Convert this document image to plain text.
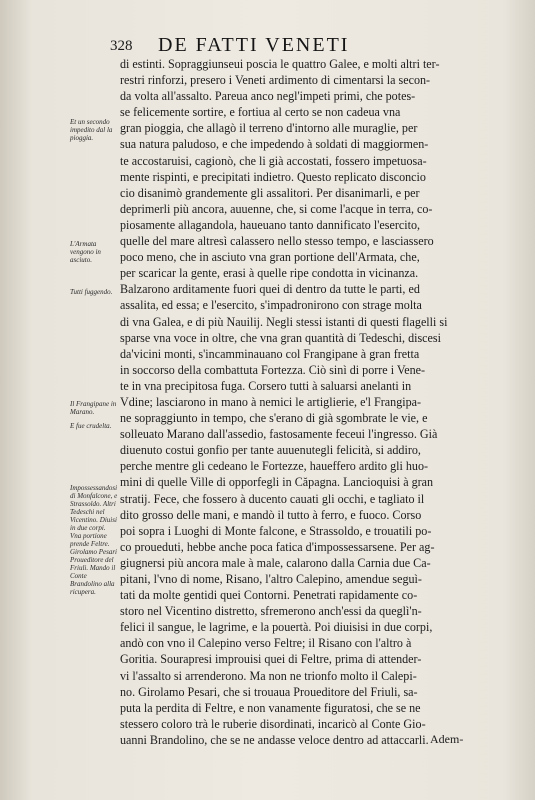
328 DE FATTI VENETI
Et un secondo impedito dal la pioggia.
L'Armata vengono in asciuto.
Tutti fuggendo.
Il Frangipane in Marano.
E fue crudelta.
Impossessandosi di Monfalcone, e Strassoldo. Altri Tedeschi nel Vicentino. Diuisi in due corpi. Vna portione prende Feltre. Girolamo Pesari Proueditore del Friuli. Mando il Conte Brandolino alla ricupera.
di estinti. Sopraggiunseui poscia le quattro Galee, e molti altri ter-
restri rinforzi, presero i Veneti ardimento di cimentarsi la secon-
da volta all'assalto. Pareua anco negl'impeti primi, che potes-
se felicemente sortire, e fortiua al certo se non cadeua vna
gran pioggia, che allagò il terreno d'intorno alle muraglie, per
sua natura paludoso, e che impedendo à soldati di maggiormen-
te accostaruisi, cagionò, che li già accostati, fossero impetuosa-
mente rispinti, e precipitati indietro. Questo replicato disconcio
cio disanimò grandemente gli assalitori. Per disanimarli, e per
deprimerli più ancora, auuenne, che, si come l'acque in terra, co-
piosamente allagandola, haueuano tanto dannificato l'esercito,
quelle del mare altresì calassero nello stesso tempo, e lasciassero
poco meno, che in asciuto vna gran portione dell'Armata, che,
per scaricar la gente, erasi à quelle ripe condotta in vicinanza.
Balzarono arditamente fuori quei di dentro da tutte le parti, ed
assalita, ed essa; e l'esercito, s'impadronirono con strage molta
di vna Galea, e di più Nauilij. Negli stessi istanti di questi flagelli si
sparse vna voce in oltre, che vna gran quantità di Tedeschi, discesi
da'vicini monti, s'incamminauano col Frangipane à gran fretta
in soccorso della combattuta Fortezza. Ciò sinì di porre i Vene-
te in vna precipitosa fuga. Corsero tutti à saluarsi anelanti in
Vdine; lasciarono in mano à nemici le artiglierie, e'l Frangipa-
ne sopraggiunto in tempo, che s'erano di già sgombrate le vie, e
solleuato Marano dall'assedio, fastosamente feceui l'ingresso. Già
diuenuto costui gonfio per tante auuenutegli felicità, si addiro,
perche mentre gli cedeano le Fortezze, haueffero ardito gli huo-
mini di quelle Ville di opporfegli in Căpagna. Lancioquisi à gran
stratij. Fece, che fossero à ducento cauati gli occhi, e tagliato il
dito grosso delle mani, e mandò il tutto à ferro, e fuoco. Corso
poi sopra i Luoghi di Monte falcone, e Strassoldo, e trouatili po-
co proueduti, hebbe anche poca fatica d'impossessarsene. Per ag-
giugnersi più ancora male à male, calarono dalla Carnia due Ca-
pitani, l'vno di nome, Risano, l'altro Calepino, amendue seguì-
tati da molte gentidi quei Contorni. Penetrati rapidamente co-
storo nel Vicentino distretto, sfremerono anch'essi da queglì'n-
felici il sangue, le lagrime, e la pouertà. Poi diuisisi in due corpi,
andò con vno il Calepino verso Feltre; il Risano con l'altro à
Goritia. Sourapresi improuisi quei di Feltre, prima di attender-
vi l'assalto si arrenderono. Ma non ne trionfo molto il Calepi-
no. Girolamo Pesari, che si trouaua Proueditore del Friuli, sa-
puta la perdita di Feltre, e non vanamente figuratosi, che se ne
stessero coloro trà le ruberie disordinati, incaricò al Conte Gio-
uanni Brandolino, che se ne andasse veloce dentro ad attaccarli. Adem-
